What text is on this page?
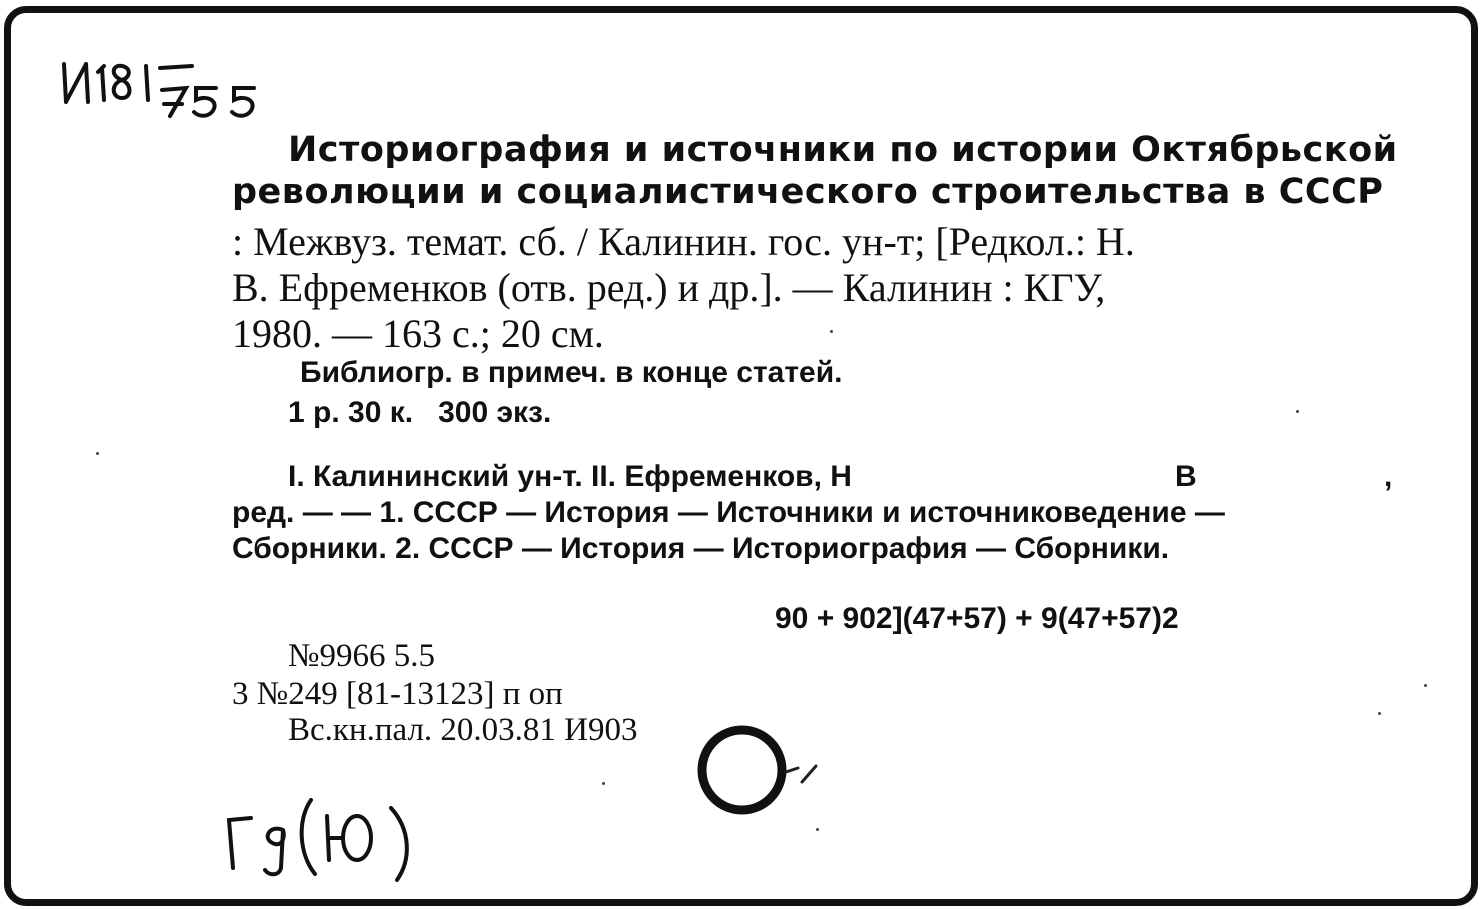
Историография и источники по истории Октябрьской
революции и социалистического строительства в СССР
: Межвуз. темат. сб. / Калинин. гос. ун-т; [Редкол.: Н.
В. Ефременков (отв. ред.) и др.]. — Калинин : КГУ,
1980. — 163 с.; 20 см.
Библиогр. в примеч. в конце статей.
1 р. 30 к.   300 экз.
I. Калининский ун-т. II. Ефременков, Н	В	,
ред. — — 1. СССР — История — Источники и источниковедение —
Сборники. 2. СССР — История — Историография — Сборники.
90 + 902](47+57) + 9(47+57)2
№9966 5.5
3 №249 [81-13123] п оп
Вс.кн.пал. 20.03.81 И903
